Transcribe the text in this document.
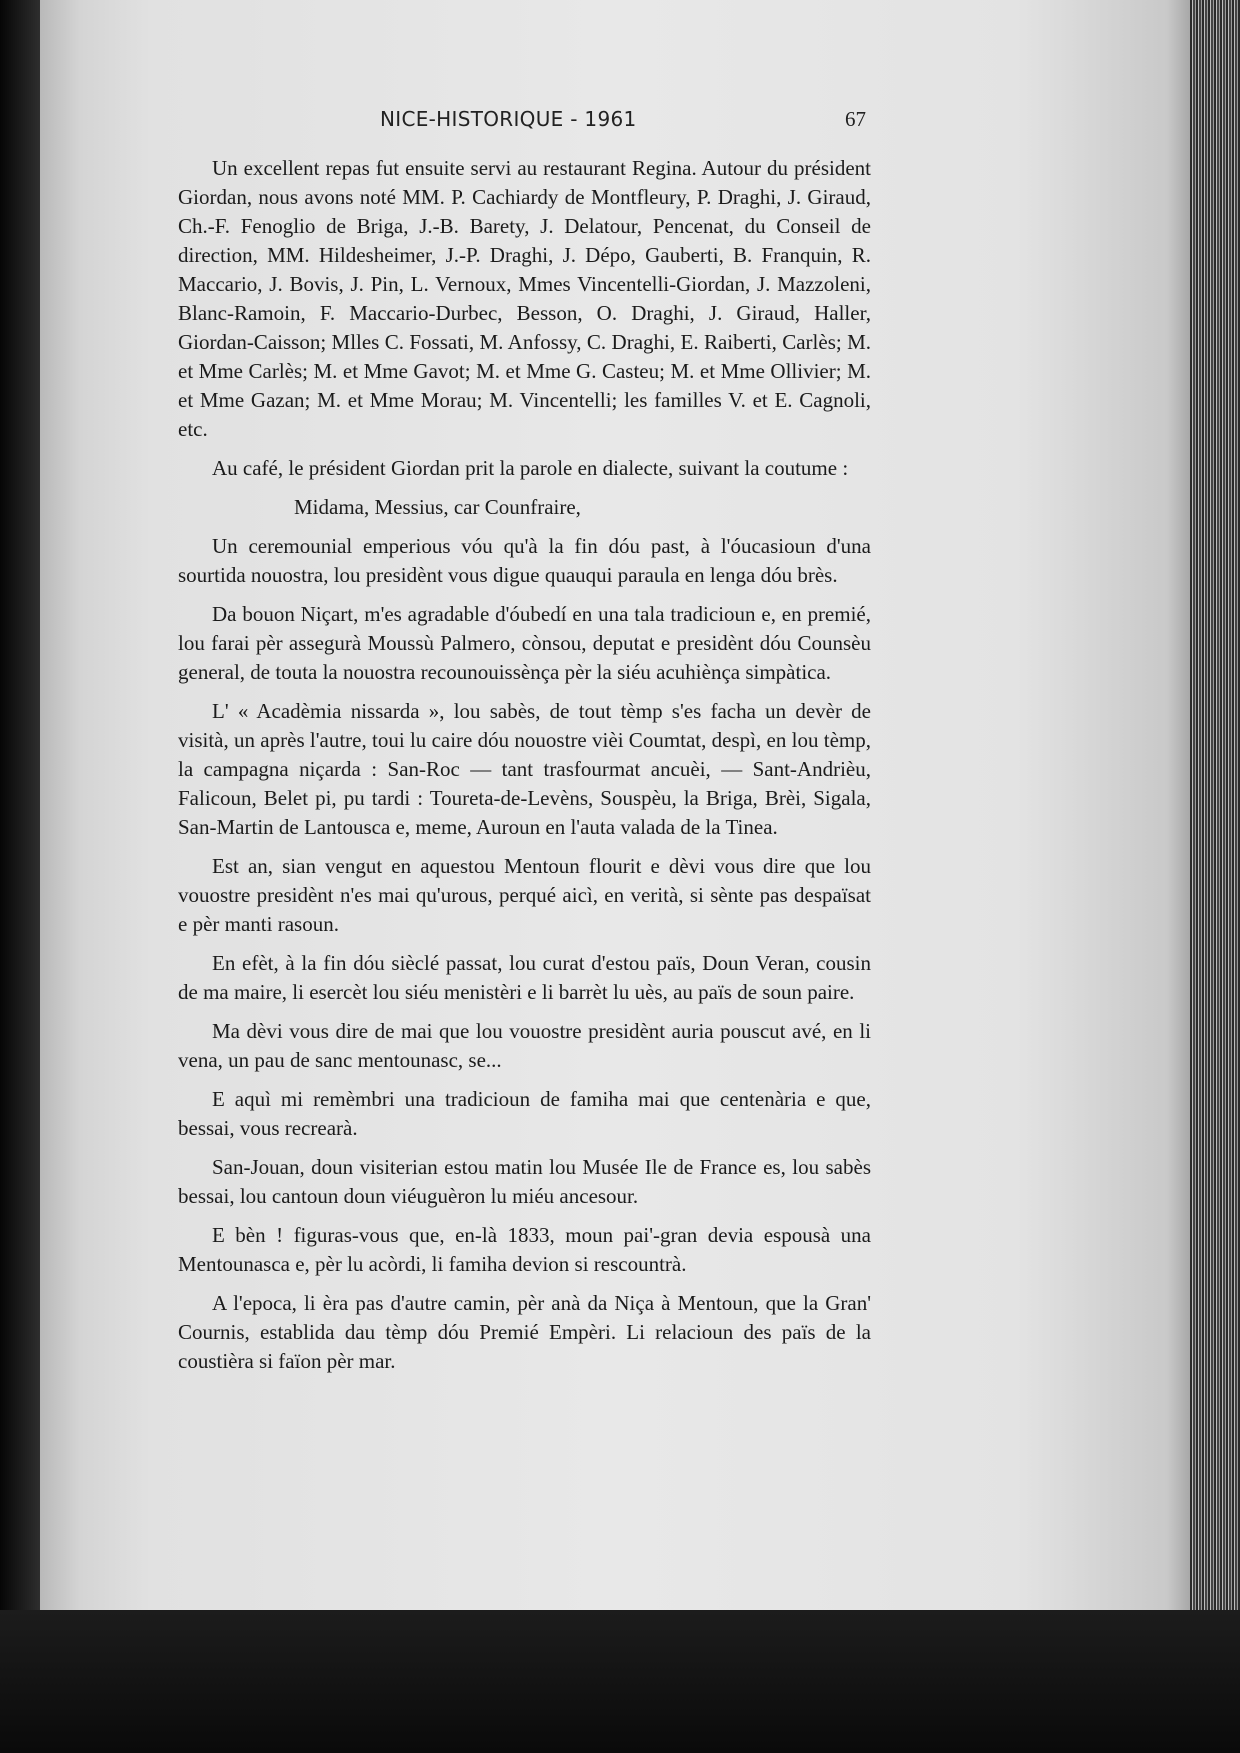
NICE-HISTORIQUE - 1961	67

Un excellent repas fut ensuite servi au restaurant Regina. Autour du président Giordan, nous avons noté MM. P. Cachiardy de Montfleury, P. Draghi, J. Giraud, Ch.-F. Fenoglio de Briga, J.-B. Barety, J. Delatour, Pencenat, du Conseil de direction, MM. Hildesheimer, J.-P. Draghi, J. Dépo, Gauberti, B. Franquin, R. Maccario, J. Bovis, J. Pin, L. Vernoux, Mmes Vincentelli-Giordan, J. Mazzoleni, Blanc-Ramoin, F. Maccario-Durbec, Besson, O. Draghi, J. Giraud, Haller, Giordan-Caisson; Mlles C. Fossati, M. Anfossy, C. Draghi, E. Raiberti, Carlès; M. et Mme Carlès; M. et Mme Gavot; M. et Mme G. Casteu; M. et Mme Ollivier; M. et Mme Gazan; M. et Mme Morau; M. Vincentelli; les familles V. et E. Cagnoli, etc.

Au café, le président Giordan prit la parole en dialecte, suivant la coutume :

Midama, Messius, car Counfraire,

Un ceremounial emperious vóu qu'à la fin dóu past, à l'óucasioun d'una sourtida nouostra, lou presidènt vous digue quauqui paraula en lenga dóu brès.

Da bouon Niçart, m'es agradable d'óubedí en una tala tradicioun e, en premié, lou farai pèr assegurà Moussù Palmero, cònsou, deputat e presidènt dóu Counsèu general, de touta la nouostra recounouissènça pèr la siéu acuhiènça simpàtica.

L' « Acadèmia nissarda », lou sabès, de tout tèmp s'es facha un devèr de visità, un après l'autre, toui lu caire dóu nouostre vièi Coumtat, despì, en lou tèmp, la campagna niçarda : San-Roc — tant trasfourmat ancuèi, — Sant-Andrièu, Falicoun, Belet pi, pu tardi : Toureta-de-Levèns, Souspèu, la Briga, Brèi, Sigala, San-Martin de Lantousca e, meme, Auroun en l'auta valada de la Tinea.

Est an, sian vengut en aquestou Mentoun flourit e dèvi vous dire que lou vouostre presidènt n'es mai qu'urous, perqué aicì, en verità, si sènte pas despaïsat e pèr manti rasoun.

En efèt, à la fin dóu sièclé passat, lou curat d'estou païs, Doun Veran, cousin de ma maire, li esercèt lou siéu menistèri e li barrèt lu uès, au païs de soun paire.

Ma dèvi vous dire de mai que lou vouostre presidènt auria pouscut avé, en li vena, un pau de sanc mentounasc, se...

E aquì mi remèmbri una tradicioun de famiha mai que centenària e que, bessai, vous recrearà.

San-Jouan, doun visiterian estou matin lou Musée Ile de France es, lou sabès bessai, lou cantoun doun viéuguèron lu miéu ancesour.

E bèn ! figuras-vous que, en-là 1833, moun pai'-gran devia espousà una Mentounasca e, pèr lu acòrdi, li famiha devion si rescountrà.

A l'epoca, li èra pas d'autre camin, pèr anà da Niça à Mentoun, que la Gran' Cournis, establida dau tèmp dóu Premié Empèri. Li relacioun des païs de la coustièra si faïon pèr mar.
